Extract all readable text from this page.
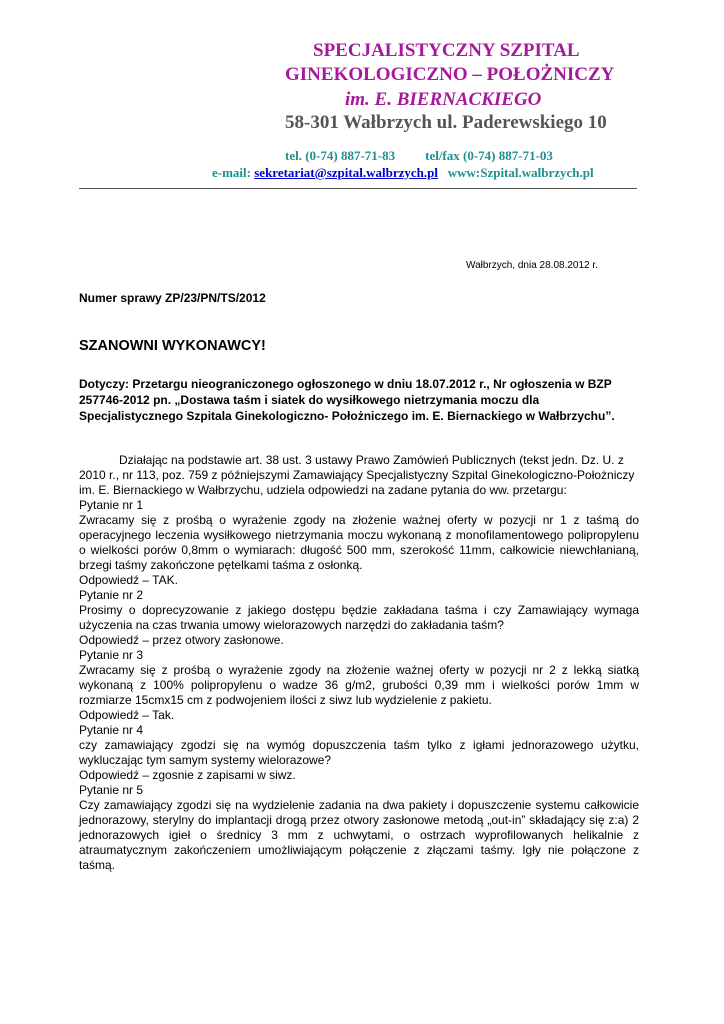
SPECJALISTYCZNY SZPITAL
GINEKOLOGICZNO – POŁOŻNICZY
im. E. BIERNACKIEGO
58-301 Wałbrzych ul. Paderewskiego 10
tel. (0-74) 887-71-83 tel/fax (0-74) 887-71-03
e-mail: sekretariat@szpital.walbrzych.pl www:Szpital.walbrzych.pl
Wałbrzych, dnia 28.08.2012 r.
Numer sprawy ZP/23/PN/TS/2012
SZANOWNI WYKONAWCY!
Dotyczy: Przetargu nieograniczonego ogłoszonego w dniu 18.07.2012 r., Nr ogłoszenia w BZP 257746-2012 pn. „Dostawa taśm i siatek do wysiłkowego nietrzymania moczu dla Specjalistycznego Szpitala Ginekologiczno- Położniczego im. E. Biernackiego w Wałbrzychu”.

Działając na podstawie art. 38 ust. 3 ustawy Prawo Zamówień Publicznych (tekst jedn. Dz. U. z 2010 r., nr 113, poz. 759 z późniejszymi Zamawiający Specjalistyczny Szpital Ginekologiczno-Położniczy im. E. Biernackiego w Wałbrzychu, udziela odpowiedzi na zadane pytania do ww. przetargu:

Pytanie nr 1

Zwracamy się z prośbą o wyrażenie zgody na złożenie ważnej oferty w pozycji nr 1 z taśmą do operacyjnego leczenia wysiłkowego nietrzymania moczu wykonaną z monofilamentowego polipropylenu o wielkości porów 0,8mm o wymiarach: długość 500 mm, szerokość 11mm, całkowicie niewchłanianą, brzegi taśmy zakończone pętelkami taśma z osłonką.

Odpowiedź – TAK.

Pytanie nr 2

Prosimy o doprecyzowanie z jakiego dostępu będzie zakładana taśma i czy Zamawiający wymaga użyczenia na czas trwania umowy wielorazowych narzędzi do zakładania taśm?

Odpowiedź – przez otwory zasłonowe.

Pytanie nr 3

Zwracamy się z prośbą o wyrażenie zgody na złożenie ważnej oferty w pozycji nr 2 z lekką siatką wykonaną z 100% polipropylenu o wadze 36 g/m2, grubości 0,39 mm i wielkości porów 1mm w rozmiarze 15cmx15 cm z podwojeniem ilości z siwz lub wydzielenie z pakietu.

Odpowiedź – Tak.

Pytanie nr 4

czy zamawiający zgodzi się na wymóg dopuszczenia taśm tylko z igłami jednorazowego użytku, wykluczając tym samym systemy wielorazowe?

Odpowiedź – zgosnie z zapisami w siwz.

Pytanie nr 5

Czy zamawiający zgodzi się na wydzielenie zadania na dwa pakiety i dopuszczenie systemu całkowicie jednorazowy, sterylny do implantacji drogą przez otwory zasłonowe metodą „out-in” składający się z:a) 2 jednorazowych igieł o średnicy 3 mm z uchwytami, o ostrzach wyprofilowanych helikalnie z atraumatycznym zakończeniem umożliwiającym połączenie z złączami taśmy. Igły nie połączone z taśmą.
